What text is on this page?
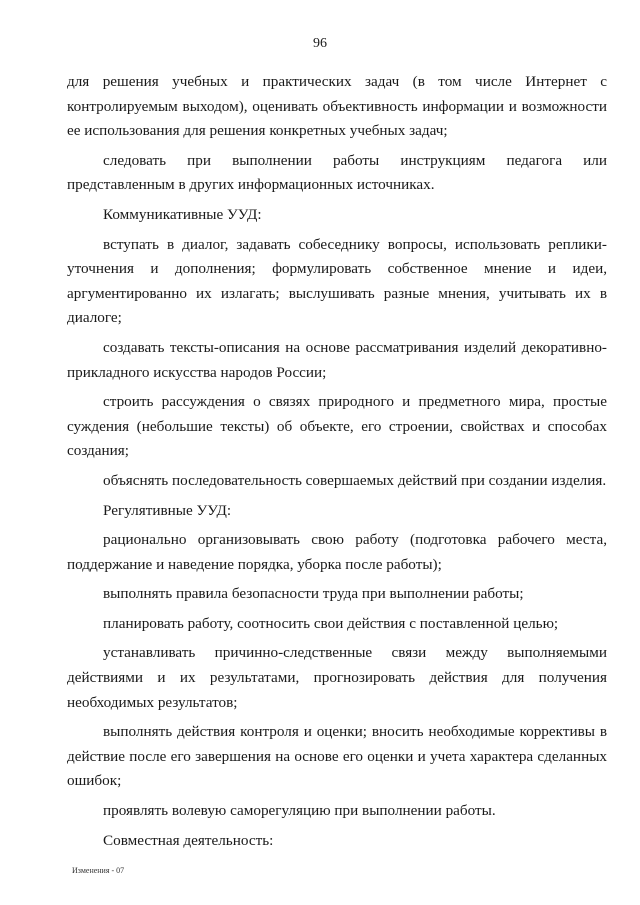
96

для решения учебных и практических задач (в том числе Интернет с контролируемым выходом), оценивать объективность информации и возможности ее использования для решения конкретных учебных задач;

следовать при выполнении работы инструкциям педагога или представленным в других информационных источниках.

Коммуникативные УУД:

вступать в диалог, задавать собеседнику вопросы, использовать реплики-уточнения и дополнения; формулировать собственное мнение и идеи, аргументированно их излагать; выслушивать разные мнения, учитывать их в диалоге;

создавать тексты-описания на основе рассматривания изделий декоративно-прикладного искусства народов России;

строить рассуждения о связях природного и предметного мира, простые суждения (небольшие тексты) об объекте, его строении, свойствах и способах создания;

объяснять последовательность совершаемых действий при создании изделия.

Регулятивные УУД:

рационально организовывать свою работу (подготовка рабочего места, поддержание и наведение порядка, уборка после работы);

выполнять правила безопасности труда при выполнении работы;

планировать работу, соотносить свои действия с поставленной целью;

устанавливать причинно-следственные связи между выполняемыми действиями и их результатами, прогнозировать действия для получения необходимых результатов;

выполнять действия контроля и оценки; вносить необходимые коррективы в действие после его завершения на основе его оценки и учета характера сделанных ошибок;

проявлять волевую саморегуляцию при выполнении работы.

Совместная деятельность:

Изменения - 07
